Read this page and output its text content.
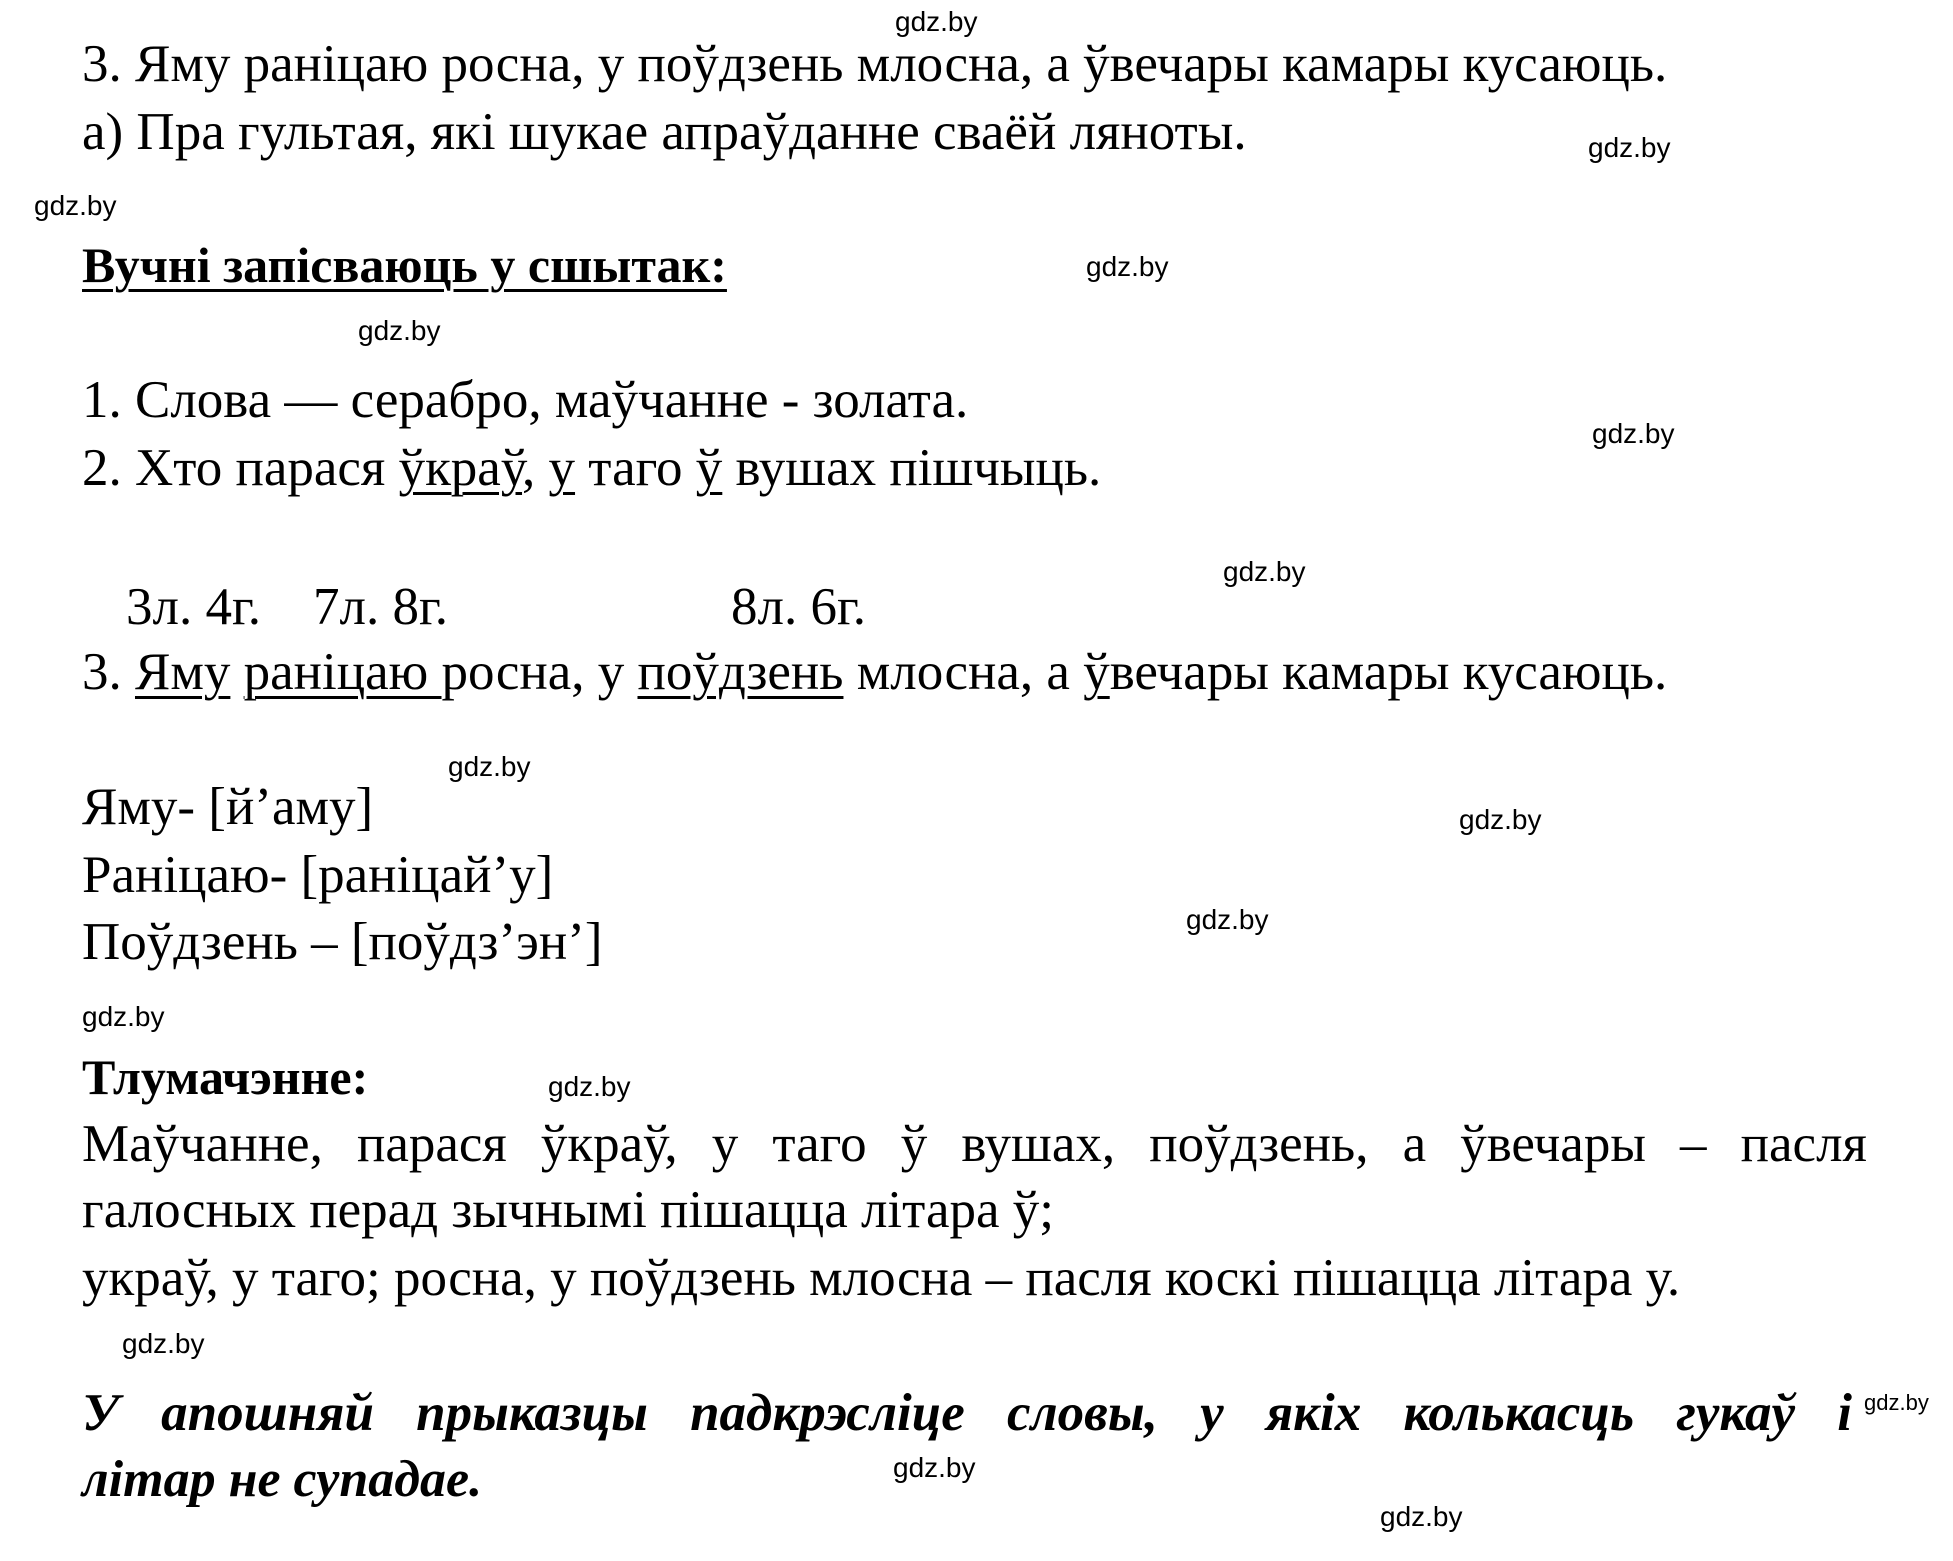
gdz.by
gdz.by
gdz.by
gdz.by
gdz.by
gdz.by
gdz.by
gdz.by
gdz.by
gdz.by
gdz.by
gdz.by
gdz.by
gdz.by
gdz.by
gdz.by
3. Яму раніцаю росна, у поўдзень млосна, а ўвечары камары кусаюць.
а) Пра гультая, які шукае апраўданне сваёй ляноты.
Вучні запісваюць у сшытак:
1. Слова — серабро, маўчанне - золата.
2. Хто парася ўкраў, у таго ў вушах пішчыць.
3л. 4г. 7л. 8г.	8л. 6г.
3. Яму раніцаю росна, у поўдзень млосна, а ўвечары камары кусаюць.
Яму- [й’аму]
Раніцаю- [раніцай’у]
Поўдзень – [поўдз’эн’]
Тлумачэнне:
Маўчанне, парася ўкраў, у таго ў вушах, поўдзень, а ўвечары – пасля
галосных перад зычнымі пішацца літара ў;
украў, у таго; росна, у поўдзень млосна – пасля коскі пішацца літара у.
У апошняй прыказцы падкрэсліце словы, у якіх колькасць гукаў і
літар не супадае.
